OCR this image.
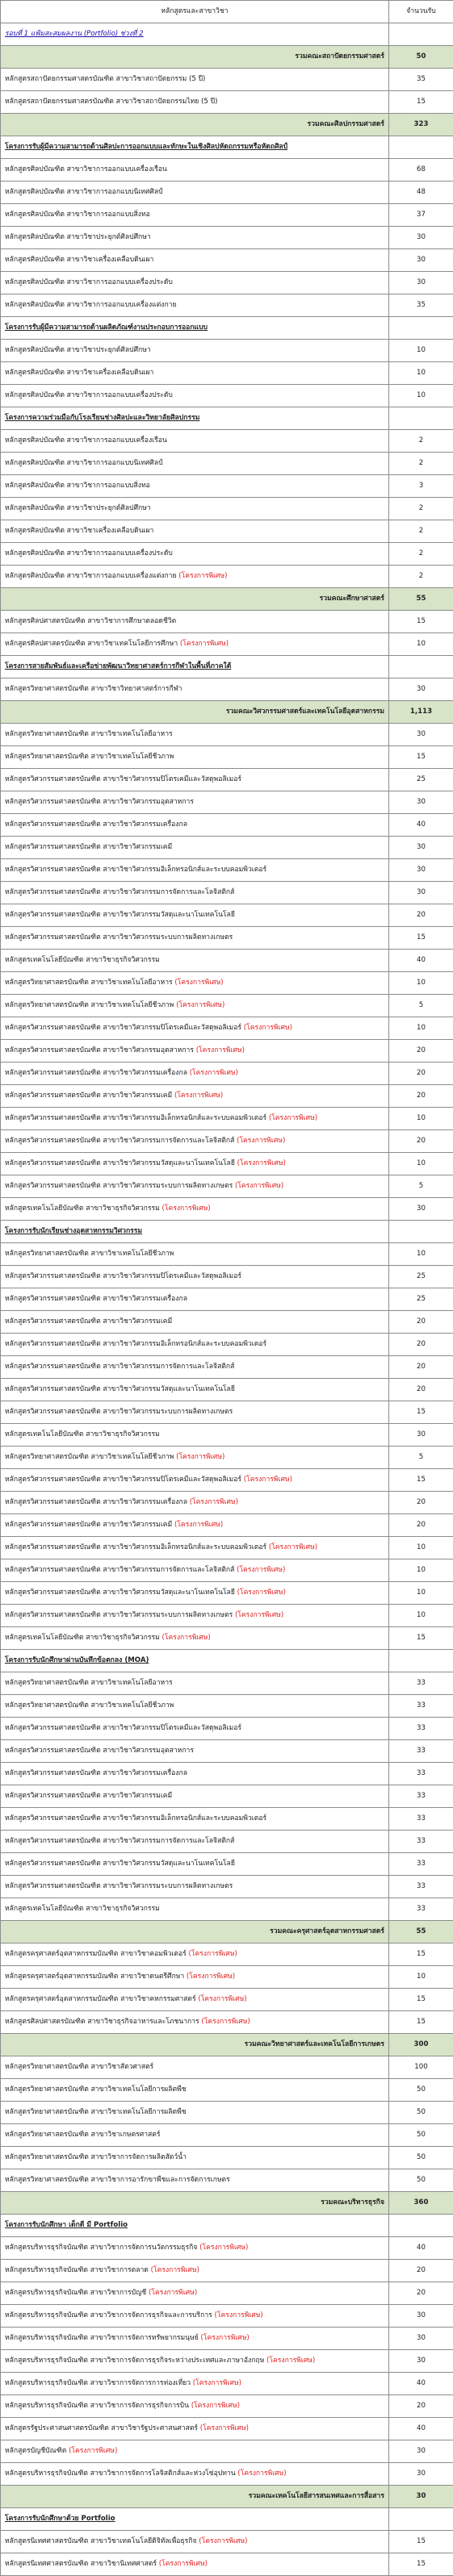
หลักสูตรและสาขาวิชา	จำนวนรับ
รอบที่ 1 แฟ้มสะสมผลงาน (Portfolio) ช่วงที่ 2	
รวมคณะสถาปัตยกรรมศาสตร์	50
หลักสูตรสถาปัตยกรรมศาสตรบัณฑิต สาขาวิชาสถาปัตยกรรม (5 ปี)	35
หลักสูตรสถาปัตยกรรมศาสตรบัณฑิต สาขาวิชาสถาปัตยกรรมไทย (5 ปี)	15
รวมคณะศิลปกรรมศาสตร์	323
โครงการรับผู้มีความสามารถด้านศิลปะการออกแบบและทักษะในเชิงศิลปหัตถกรรมหรือหัตถศิลป์	
หลักสูตรศิลปบัณฑิต สาขาวิชาการออกแบบเครื่องเรือน	68
หลักสูตรศิลปบัณฑิต สาขาวิชาการออกแบบนิเทศศิลป์	48
หลักสูตรศิลปบัณฑิต สาขาวิชาการออกแบบสิ่งทอ	37
หลักสูตรศิลปบัณฑิต สาขาวิชาประยุกต์ศิลปศึกษา	30
หลักสูตรศิลปบัณฑิต สาขาวิชาเครื่องเคลือบดินเผา	30
หลักสูตรศิลปบัณฑิต สาขาวิชาการออกแบบเครื่องประดับ	30
หลักสูตรศิลปบัณฑิต สาขาวิชาการออกแบบเครื่องแต่งกาย	35
โครงการรับผู้มีความสามารถด้านผลิตภัณฑ์งานประกอบการออกแบบ	
หลักสูตรศิลปบัณฑิต สาขาวิชาประยุกต์ศิลปศึกษา	10
หลักสูตรศิลปบัณฑิต สาขาวิชาเครื่องเคลือบดินเผา	10
หลักสูตรศิลปบัณฑิต สาขาวิชาการออกแบบเครื่องประดับ	10
โครงการความร่วมมือกับโรงเรียนช่างศิลปะและวิทยาลัยศิลปกรรม	
หลักสูตรศิลปบัณฑิต สาขาวิชาการออกแบบเครื่องเรือน	2
หลักสูตรศิลปบัณฑิต สาขาวิชาการออกแบบนิเทศศิลป์	2
หลักสูตรศิลปบัณฑิต สาขาวิชาการออกแบบสิ่งทอ	3
หลักสูตรศิลปบัณฑิต สาขาวิชาประยุกต์ศิลปศึกษา	2
หลักสูตรศิลปบัณฑิต สาขาวิชาเครื่องเคลือบดินเผา	2
หลักสูตรศิลปบัณฑิต สาขาวิชาการออกแบบเครื่องประดับ	2
หลักสูตรศิลปบัณฑิต สาขาวิชาการออกแบบเครื่องแต่งกาย (โครงการพิเศษ)	2
รวมคณะศึกษาศาสตร์	55
หลักสูตรศิลปศาสตรบัณฑิต สาขาวิชาการศึกษาตลอดชีวิต	15
หลักสูตรศิลปศาสตรบัณฑิต สาขาวิชาเทคโนโลยีการศึกษา (โครงการพิเศษ)	10
โครงการสายสัมพันธ์และเครือข่ายพัฒนาวิทยาศาสตร์การกีฬาในพื้นที่ภาคใต้	
หลักสูตรวิทยาศาสตรบัณฑิต สาขาวิชาวิทยาศาสตร์การกีฬา	30
รวมคณะวิศวกรรมศาสตร์และเทคโนโลยีอุตสาหกรรม	1,113
หลักสูตรวิทยาศาสตรบัณฑิต สาขาวิชาเทคโนโลยีอาหาร	30
หลักสูตรวิทยาศาสตรบัณฑิต สาขาวิชาเทคโนโลยีชีวภาพ	15
หลักสูตรวิศวกรรมศาสตรบัณฑิต สาขาวิชาวิศวกรรมปิโตรเคมีและวัสดุพอลิเมอร์	25
หลักสูตรวิศวกรรมศาสตรบัณฑิต สาขาวิชาวิศวกรรมอุตสาหการ	30
หลักสูตรวิศวกรรมศาสตรบัณฑิต สาขาวิชาวิศวกรรมเครื่องกล	40
หลักสูตรวิศวกรรมศาสตรบัณฑิต สาขาวิชาวิศวกรรมเคมี	30
หลักสูตรวิศวกรรมศาสตรบัณฑิต สาขาวิชาวิศวกรรมอิเล็กทรอนิกส์และระบบคอมพิวเตอร์	30
หลักสูตรวิศวกรรมศาสตรบัณฑิต สาขาวิชาวิศวกรรมการจัดการและโลจิสติกส์	30
หลักสูตรวิศวกรรมศาสตรบัณฑิต สาขาวิชาวิศวกรรมวัสดุและนาโนเทคโนโลยี	20
หลักสูตรวิศวกรรมศาสตรบัณฑิต สาขาวิชาวิศวกรรมระบบการผลิตทางเกษตร	15
หลักสูตรเทคโนโลยีบัณฑิต สาขาวิชาธุรกิจวิศวกรรม	40
หลักสูตรวิทยาศาสตรบัณฑิต สาขาวิชาเทคโนโลยีอาหาร (โครงการพิเศษ)	10
หลักสูตรวิทยาศาสตรบัณฑิต สาขาวิชาเทคโนโลยีชีวภาพ (โครงการพิเศษ)	5
หลักสูตรวิศวกรรมศาสตรบัณฑิต สาขาวิชาวิศวกรรมปิโตรเคมีและวัสดุพอลิเมอร์ (โครงการพิเศษ)	10
หลักสูตรวิศวกรรมศาสตรบัณฑิต สาขาวิชาวิศวกรรมอุตสาหการ (โครงการพิเศษ)	20
หลักสูตรวิศวกรรมศาสตรบัณฑิต สาขาวิชาวิศวกรรมเครื่องกล (โครงการพิเศษ)	20
หลักสูตรวิศวกรรมศาสตรบัณฑิต สาขาวิชาวิศวกรรมเคมี (โครงการพิเศษ)	20
หลักสูตรวิศวกรรมศาสตรบัณฑิต สาขาวิชาวิศวกรรมอิเล็กทรอนิกส์และระบบคอมพิวเตอร์ (โครงการพิเศษ)	10
หลักสูตรวิศวกรรมศาสตรบัณฑิต สาขาวิชาวิศวกรรมการจัดการและโลจิสติกส์ (โครงการพิเศษ)	20
หลักสูตรวิศวกรรมศาสตรบัณฑิต สาขาวิชาวิศวกรรมวัสดุและนาโนเทคโนโลยี (โครงการพิเศษ)	10
หลักสูตรวิศวกรรมศาสตรบัณฑิต สาขาวิชาวิศวกรรมระบบการผลิตทางเกษตร (โครงการพิเศษ)	5
หลักสูตรเทคโนโลยีบัณฑิต สาขาวิชาธุรกิจวิศวกรรม (โครงการพิเศษ)	30
โครงการรับนักเรียนช่างอุตสาหกรรมวิศวกรรม	
หลักสูตรวิทยาศาสตรบัณฑิต สาขาวิชาเทคโนโลยีชีวภาพ	10
หลักสูตรวิศวกรรมศาสตรบัณฑิต สาขาวิชาวิศวกรรมปิโตรเคมีและวัสดุพอลิเมอร์	25
หลักสูตรวิศวกรรมศาสตรบัณฑิต สาขาวิชาวิศวกรรมเครื่องกล	25
หลักสูตรวิศวกรรมศาสตรบัณฑิต สาขาวิชาวิศวกรรมเคมี	20
หลักสูตรวิศวกรรมศาสตรบัณฑิต สาขาวิชาวิศวกรรมอิเล็กทรอนิกส์และระบบคอมพิวเตอร์	20
หลักสูตรวิศวกรรมศาสตรบัณฑิต สาขาวิชาวิศวกรรมการจัดการและโลจิสติกส์	20
หลักสูตรวิศวกรรมศาสตรบัณฑิต สาขาวิชาวิศวกรรมวัสดุและนาโนเทคโนโลยี	20
หลักสูตรวิศวกรรมศาสตรบัณฑิต สาขาวิชาวิศวกรรมระบบการผลิตทางเกษตร	15
หลักสูตรเทคโนโลยีบัณฑิต สาขาวิชาธุรกิจวิศวกรรม	30
หลักสูตรวิทยาศาสตรบัณฑิต สาขาวิชาเทคโนโลยีชีวภาพ (โครงการพิเศษ)	5
หลักสูตรวิศวกรรมศาสตรบัณฑิต สาขาวิชาวิศวกรรมปิโตรเคมีและวัสดุพอลิเมอร์ (โครงการพิเศษ)	15
หลักสูตรวิศวกรรมศาสตรบัณฑิต สาขาวิชาวิศวกรรมเครื่องกล (โครงการพิเศษ)	20
หลักสูตรวิศวกรรมศาสตรบัณฑิต สาขาวิชาวิศวกรรมเคมี (โครงการพิเศษ)	20
หลักสูตรวิศวกรรมศาสตรบัณฑิต สาขาวิชาวิศวกรรมอิเล็กทรอนิกส์และระบบคอมพิวเตอร์ (โครงการพิเศษ)	10
หลักสูตรวิศวกรรมศาสตรบัณฑิต สาขาวิชาวิศวกรรมการจัดการและโลจิสติกส์ (โครงการพิเศษ)	10
หลักสูตรวิศวกรรมศาสตรบัณฑิต สาขาวิชาวิศวกรรมวัสดุและนาโนเทคโนโลยี (โครงการพิเศษ)	10
หลักสูตรวิศวกรรมศาสตรบัณฑิต สาขาวิชาวิศวกรรมระบบการผลิตทางเกษตร (โครงการพิเศษ)	10
หลักสูตรเทคโนโลยีบัณฑิต สาขาวิชาธุรกิจวิศวกรรม (โครงการพิเศษ)	15
โครงการรับนักศึกษาผ่านบันทึกข้อตกลง (MOA)	
หลักสูตรวิทยาศาสตรบัณฑิต สาขาวิชาเทคโนโลยีอาหาร	33
หลักสูตรวิทยาศาสตรบัณฑิต สาขาวิชาเทคโนโลยีชีวภาพ	33
หลักสูตรวิศวกรรมศาสตรบัณฑิต สาขาวิชาวิศวกรรมปิโตรเคมีและวัสดุพอลิเมอร์	33
หลักสูตรวิศวกรรมศาสตรบัณฑิต สาขาวิชาวิศวกรรมอุตสาหการ	33
หลักสูตรวิศวกรรมศาสตรบัณฑิต สาขาวิชาวิศวกรรมเครื่องกล	33
หลักสูตรวิศวกรรมศาสตรบัณฑิต สาขาวิชาวิศวกรรมเคมี	33
หลักสูตรวิศวกรรมศาสตรบัณฑิต สาขาวิชาวิศวกรรมอิเล็กทรอนิกส์และระบบคอมพิวเตอร์	33
หลักสูตรวิศวกรรมศาสตรบัณฑิต สาขาวิชาวิศวกรรมการจัดการและโลจิสติกส์	33
หลักสูตรวิศวกรรมศาสตรบัณฑิต สาขาวิชาวิศวกรรมวัสดุและนาโนเทคโนโลยี	33
หลักสูตรวิศวกรรมศาสตรบัณฑิต สาขาวิชาวิศวกรรมระบบการผลิตทางเกษตร	33
หลักสูตรเทคโนโลยีบัณฑิต สาขาวิชาธุรกิจวิศวกรรม	33
รวมคณะครุศาสตร์อุตสาหกรรมศาสตร์	55
หลักสูตรครุศาสตร์อุตสาหกรรมบัณฑิต สาขาวิชาคอมพิวเตอร์ (โครงการพิเศษ)	15
หลักสูตรครุศาสตร์อุตสาหกรรมบัณฑิต สาขาวิชาดนตรีศึกษา (โครงการพิเศษ)	10
หลักสูตรครุศาสตร์อุตสาหกรรมบัณฑิต สาขาวิชาคหกรรมศาสตร์ (โครงการพิเศษ)	15
หลักสูตรศิลปศาสตรบัณฑิต สาขาวิชาธุรกิจอาหารและโภชนาการ (โครงการพิเศษ)	15
รวมคณะวิทยาศาสตร์และเทคโนโลยีการเกษตร	300
หลักสูตรวิทยาศาสตรบัณฑิต สาขาวิชาสัตวศาสตร์	100
หลักสูตรวิทยาศาสตรบัณฑิต สาขาวิชาเทคโนโลยีการผลิตพืช	50
หลักสูตรวิทยาศาสตรบัณฑิต สาขาวิชาเทคโนโลยีการผลิตพืช	50
หลักสูตรวิทยาศาสตรบัณฑิต สาขาวิชาเกษตรศาสตร์	50
หลักสูตรวิทยาศาสตรบัณฑิต สาขาวิชาการจัดการผลิตสัตว์น้ำ	50
หลักสูตรวิทยาศาสตรบัณฑิต สาขาวิชาการอารักขาพืชและการจัดการเกษตร	50
รวมคณะบริหารธุรกิจ	360
โครงการรับนักศึกษา เด็กดี มี Portfolio	
หลักสูตรบริหารธุรกิจบัณฑิต สาขาวิชาการจัดการนวัตกรรมธุรกิจ (โครงการพิเศษ)	40
หลักสูตรบริหารธุรกิจบัณฑิต สาขาวิชาการตลาด (โครงการพิเศษ)	20
หลักสูตรบริหารธุรกิจบัณฑิต สาขาวิชาการบัญชี (โครงการพิเศษ)	20
หลักสูตรบริหารธุรกิจบัณฑิต สาขาวิชาการจัดการธุรกิจและการบริการ (โครงการพิเศษ)	30
หลักสูตรบริหารธุรกิจบัณฑิต สาขาวิชาการจัดการทรัพยากรมนุษย์ (โครงการพิเศษ)	30
หลักสูตรบริหารธุรกิจบัณฑิต สาขาวิชาการจัดการธุรกิจระหว่างประเทศและภาษาอังกฤษ (โครงการพิเศษ)	30
หลักสูตรบริหารธุรกิจบัณฑิต สาขาวิชาการจัดการการท่องเที่ยว (โครงการพิเศษ)	40
หลักสูตรบริหารธุรกิจบัณฑิต สาขาวิชาการจัดการธุรกิจการบิน (โครงการพิเศษ)	20
หลักสูตรรัฐประศาสนศาสตรบัณฑิต สาขาวิชารัฐประศาสนศาสตร์ (โครงการพิเศษ)	40
หลักสูตรบัญชีบัณฑิต (โครงการพิเศษ)	30
หลักสูตรบริหารธุรกิจบัณฑิต สาขาวิชาการจัดการโลจิสติกส์และห่วงโซ่อุปทาน (โครงการพิเศษ)	30
รวมคณะเทคโนโลยีสารสนเทศและการสื่อสาร	30
โครงการรับนักศึกษาด้วย Portfolio	
หลักสูตรนิเทศศาสตรบัณฑิต สาขาวิชาเทคโนโลยีดิจิทัลเพื่อธุรกิจ (โครงการพิเศษ)	15
หลักสูตรนิเทศศาสตรบัณฑิต สาขาวิชานิเทศศาสตร์ (โครงการพิเศษ)	15
